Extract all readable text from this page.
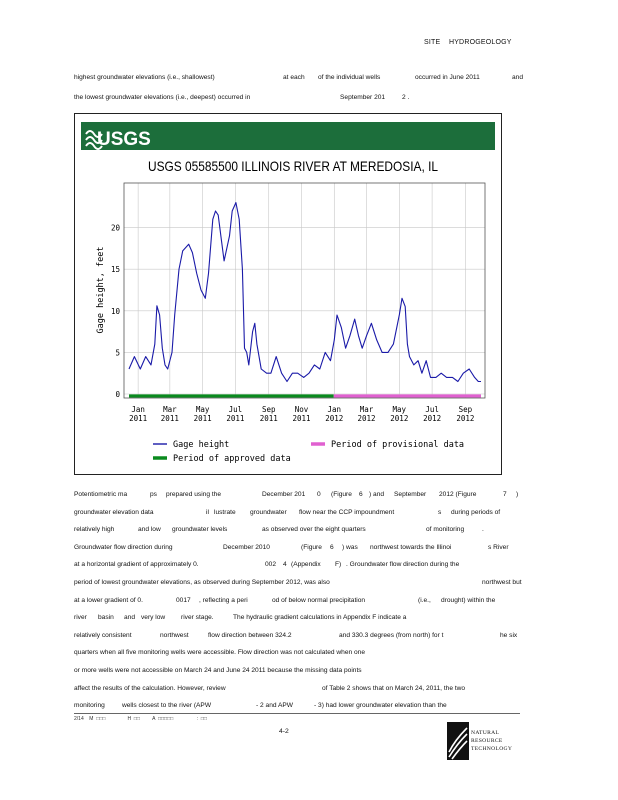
SITE    HYDROGEOLOGY
highest groundwater elevations (i.e., shallowest)	at each of the individual wells	occurred in June 2011	and
the lowest groundwater elevations (i.e., deepest) occurred in	September 201	2 .
USGS
USGS 05585500 ILLINOIS RIVER AT MEREDOSIA, IL
Gage height, feet
0
5
10
15
20
Jan
2011
Mar
2011
May
2011
Jul
2011
Sep
2011
Nov
2011
Jan
2012
Mar
2012
May
2012
Jul
2012
Sep
2012
Gage height	Period of provisional data
Period of approved data
Potentiometric ma	ps prepared using the	December 201 0 (Figure 6 ) and September 2012 (Figure	7 )
groundwater elevation data	il lustrate groundwater flow near the CCP impoundment	s during periods of
relatively high	and low groundwater levels	as observed over the eight quarters	of monitoring	.
Groundwater flow direction during	December 2010	(Figure 6 ) was northwest towards the Illinoi	s River
at a horizontal gradient of approximately 0.	002 4 (Appendix F) . Groundwater flow direction during the
period of lowest groundwater elevations, as observed during September 2012, was also	northwest but
at a lower gradient of 0.	0017 , reflecting a peri	od of below normal precipitation	(i.e., drought) within the
river basin and very low river stage.	The hydraulic gradient calculations in Appendix F indicate a
relatively consistent	northwest	flow direction between 324.2	and 330.3 degrees (from north) for t	he six
quarters when all five monitoring wells were accessible. Flow direction was not calculated when one
or more wells were not accessible on March 24 and June 24 2011 because the missing data points
affect the results of the calculation. However, review	of Table 2 shows that on March 24, 2011, the two
monitoring	wells closest to the river (APW	- 2 and APW	- 3) had lower groundwater elevation than the
2/14    M  □□□                H  □□         A  □□□□□                 :  □□
4-2	NATURAL
RESOURCE
TECHNOLOGY
